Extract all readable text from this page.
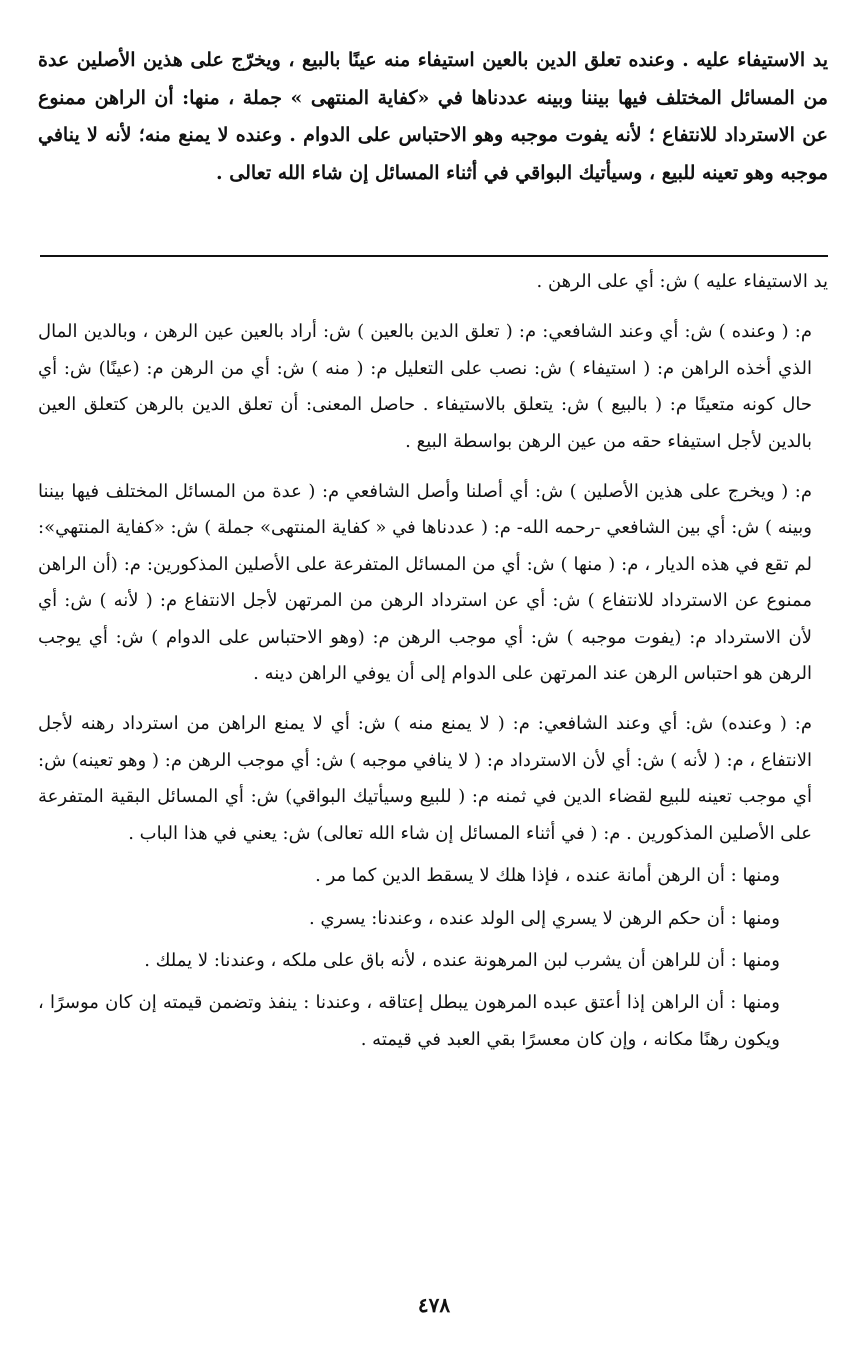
يد الاستيفاء عليه . وعنده تعلق الدين بالعين استيفاء منه عينًا بالبيع ، ويخرّج على هذين الأصلين عدة من المسائل المختلف فيها بيننا وبينه عددناها في «كفاية المنتهى » جملة ، منها: أن الراهن ممنوع عن الاسترداد للانتفاع ؛ لأنه يفوت موجبه وهو الاحتباس على الدوام . وعنده لا يمنع منه؛ لأنه لا ينافي موجبه وهو تعينه للبيع ، وسيأتيك البواقي في أثناء المسائل إن شاء الله تعالى .

يد الاستيفاء عليه ) ش: أي على الرهن .

م: ( وعنده ) ش: أي وعند الشافعي: م: ( تعلق الدين بالعين ) ش: أراد بالعين عين الرهن ، وبالدين المال الذي أخذه الراهن م: ( استيفاء ) ش: نصب على التعليل م: ( منه ) ش: أي من الرهن م: (عينًا) ش: أي حال كونه متعينًا م: ( بالبيع ) ش: يتعلق بالاستيفاء . حاصل المعنى: أن تعلق الدين بالرهن كتعلق العين بالدين لأجل استيفاء حقه من عين الرهن بواسطة البيع .

م: ( ويخرج على هذين الأصلين ) ش: أي أصلنا وأصل الشافعي م: ( عدة من المسائل المختلف فيها بيننا وبينه ) ش: أي بين الشافعي -رحمه الله- م: ( عددناها في « كفاية المنتهى» جملة ) ش: «كفاية المنتهي»: لم تقع في هذه الديار ، م: ( منها ) ش: أي من المسائل المتفرعة على الأصلين المذكورين: م: (أن الراهن ممنوع عن الاسترداد للانتفاع ) ش: أي عن استرداد الرهن من المرتهن لأجل الانتفاع م: ( لأنه ) ش: أي لأن الاسترداد م: (يفوت موجبه ) ش: أي موجب الرهن م: (وهو الاحتباس على الدوام ) ش: أي يوجب الرهن هو احتباس الرهن عند المرتهن على الدوام إلى أن يوفي الراهن دينه .

م: ( وعنده) ش: أي وعند الشافعي: م: ( لا يمنع منه ) ش: أي لا يمنع الراهن من استرداد رهنه لأجل الانتفاع ، م: ( لأنه ) ش: أي لأن الاسترداد م: ( لا ينافي موجبه ) ش: أي موجب الرهن م: ( وهو تعينه) ش: أي موجب تعينه للبيع لقضاء الدين في ثمنه م: ( للبيع وسيأتيك البواقي) ش: أي المسائل البقية المتفرعة على الأصلين المذكورين . م: ( في أثناء المسائل إن شاء الله تعالى) ش: يعني في هذا الباب .

ومنها : أن الرهن أمانة عنده ، فإذا هلك لا يسقط الدين كما مر .

ومنها : أن حكم الرهن لا يسري إلى الولد عنده ، وعندنا: يسري .

ومنها : أن للراهن أن يشرب لبن المرهونة عنده ، لأنه باق على ملكه ، وعندنا: لا يملك .

ومنها : أن الراهن إذا أعتق عبده المرهون يبطل إعتاقه ، وعندنا : ينفذ وتضمن قيمته إن كان موسرًا ، ويكون رهنًا مكانه ، وإن كان معسرًا بقي العبد في قيمته .

٤٧٨
